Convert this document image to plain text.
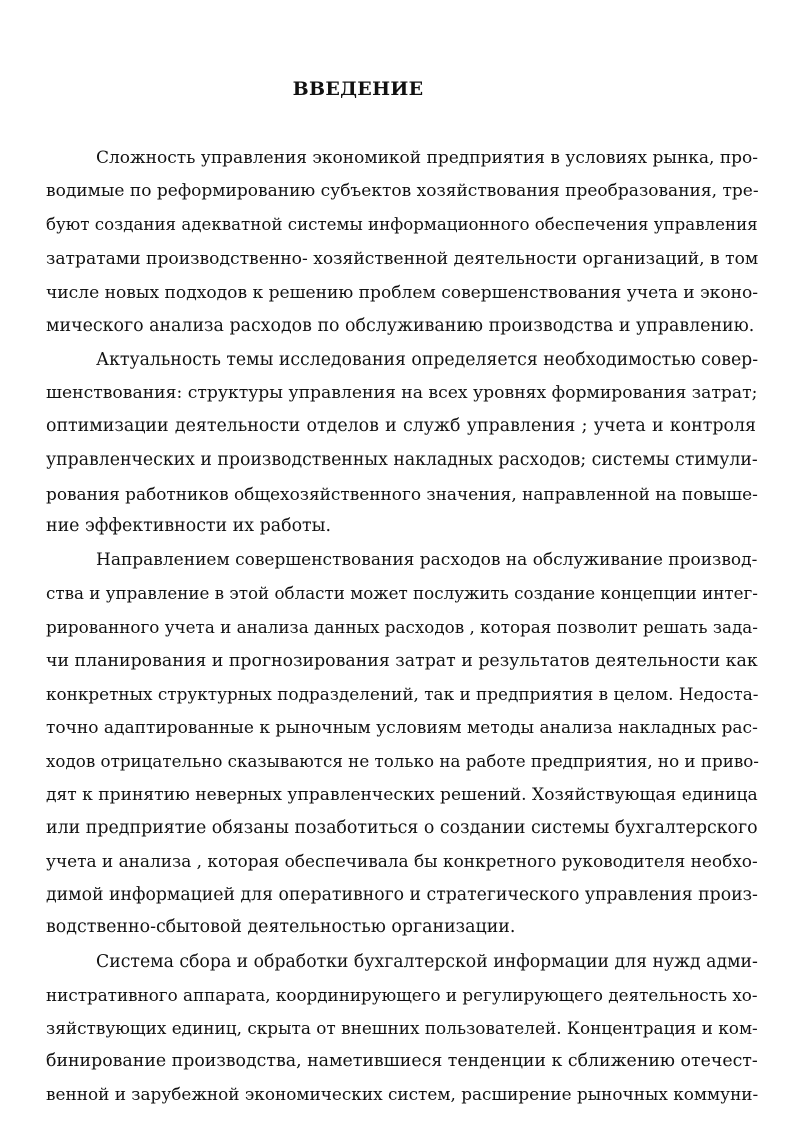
ВВЕДЕНИЕ
Сложность управления экономикой предприятия в условиях рынка, про-
водимые по реформированию субъектов хозяйствования преобразования, тре-
буют создания адекватной системы информационного обеспечения управления
затратами производственно- хозяйственной деятельности организаций, в том
числе новых подходов к решению проблем совершенствования учета и эконо-
мического анализа расходов по обслуживанию производства и управлению.
Актуальность темы исследования определяется необходимостью совер-
шенствования: структуры управления на всех уровнях формирования затрат;
оптимизации деятельности отделов и служб управления ; учета и контроля
управленческих и производственных накладных расходов; системы стимули-
рования работников общехозяйственного значения, направленной на повыше-
ние эффективности их работы.
Направлением совершенствования расходов на обслуживание производ-
ства и управление в этой области может послужить создание концепции интег-
рированного учета и анализа данных расходов , которая позволит решать зада-
чи планирования и прогнозирования затрат и результатов деятельности как
конкретных структурных подразделений, так и предприятия в целом. Недоста-
точно адаптированные к рыночным условиям методы анализа накладных рас-
ходов отрицательно сказываются не только на работе предприятия, но и приво-
дят к принятию неверных управленческих решений. Хозяйствующая единица
или предприятие обязаны позаботиться о создании системы бухгалтерского
учета и анализа , которая обеспечивала бы конкретного руководителя необхо-
димой информацией для оперативного и стратегического управления произ-
водственно-сбытовой деятельностью организации.
Система сбора и обработки бухгалтерской информации для нужд адми-
нистративного аппарата, координирующего и регулирующего деятельность хо-
зяйствующих единиц, скрыта от внешних пользователей. Концентрация и ком-
бинирование производства, наметившиеся тенденции к сближению отечест-
венной и зарубежной экономических систем, расширение рыночных коммуни-
